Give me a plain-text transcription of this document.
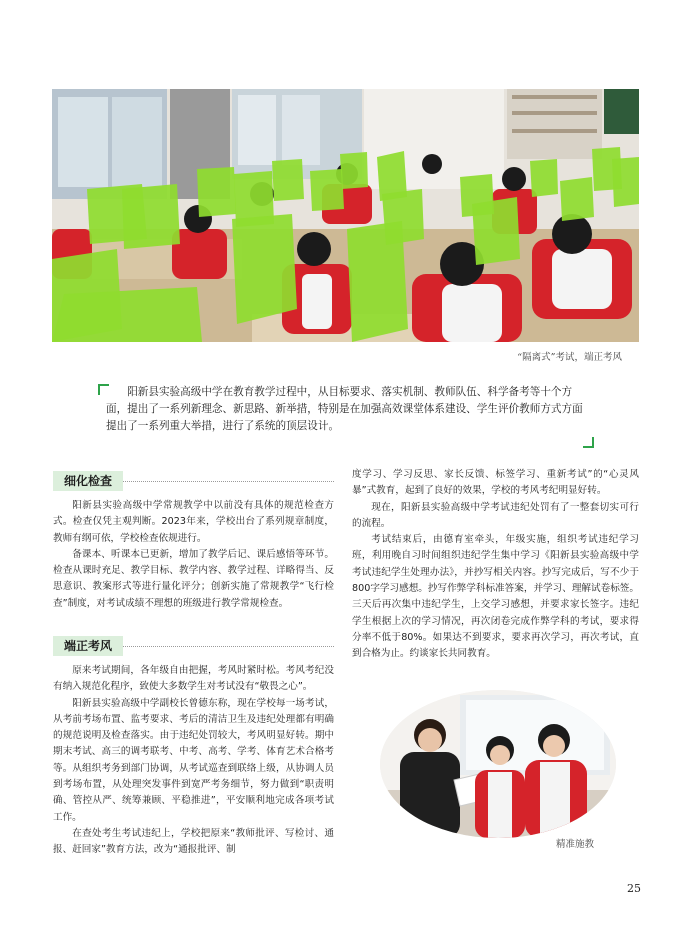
“隔离式”考试，端正考风

阳新县实验高级中学在教育教学过程中，从目标要求、落实机制、教师队伍、科学备考等十个方面，提出了一系列新理念、新思路、新举措，特别是在加强高效课堂体系建设、学生评价教师方式方面提出了一系列重大举措，进行了系统的顶层设计。

细化检查

阳新县实验高级中学常规教学中以前没有具体的规范检查方式。检查仅凭主观判断。2023年来，学校出台了系列规章制度，教师有纲可依，学校检查依规进行。

备课本、听课本已更新，增加了教学后记、课后感悟等环节。检查从课时充足、教学目标、教学内容、教学过程、详略得当、反思意识、教案形式等进行量化评分；创新实施了常规教学“飞行检查”制度，对考试成绩不理想的班级进行教学常规检查。

端正考风

原来考试期间，各年级自由把握，考风时紧时松。考风考纪没有纳入规范化程序，致使大多数学生对考试没有“敬畏之心”。

阳新县实验高级中学副校长曾德东称，现在学校每一场考试，从考前考场布置、监考要求、考后的清洁卫生及违纪处理都有明确的规范说明及检查落实。由于违纪处罚较大，考风明显好转。期中期末考试、高三的调考联考、中考、高考、学考、体育艺术合格考等。从组织考务到部门协调，从考试巡查到联络上级，从协调人员到考场布置，从处理突发事件到宽严考务细节，努力做到“职责明确、管控从严、统筹兼顾、平稳推进”，平安顺利地完成各项考试工作。

在查处考生考试违纪上，学校把原来“教师批评、写检讨、通报、赶回家”教育方法，改为“通报批评、制

度学习、学习反思、家长反馈、标签学习、重新考试”的“心灵风暴”式教育，起到了良好的效果，学校的考风考纪明显好转。

现在，阳新县实验高级中学考试违纪处罚有了一整套切实可行的流程。

考试结束后，由德育室牵头，年级实施，组织考试违纪学习班，利用晚自习时间组织违纪学生集中学习《阳新县实验高级中学考试违纪学生处理办法》，并抄写相关内容。抄写完成后，写不少于800字学习感想。抄写作弊学科标准答案，并学习、理解试卷标签。三天后再次集中违纪学生，上交学习感想，并要求家长签字。违纪学生根据上次的学习情况，再次闭卷完成作弊学科的考试，要求得分率不低于80%。如果达不到要求，要求再次学习，再次考试，直到合格为止。约谈家长共同教育。

精准施教
25
